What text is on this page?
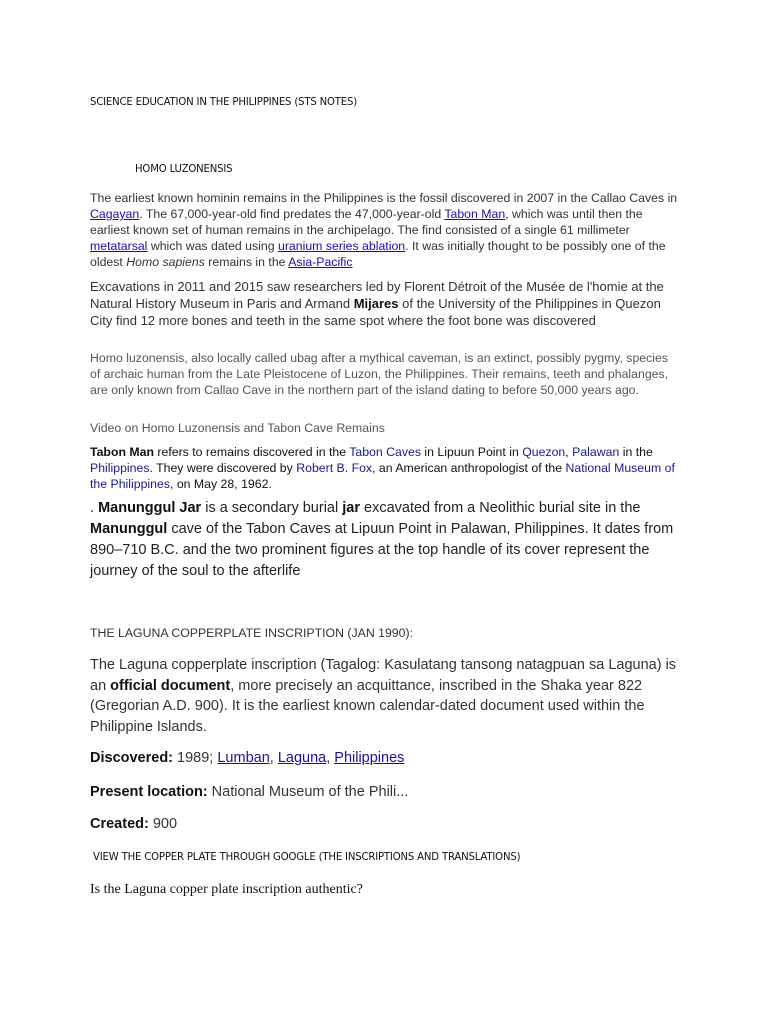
SCIENCE EDUCATION IN THE PHILIPPINES (STS NOTES)
HOMO LUZONENSIS

The earliest known hominin remains in the Philippines is the fossil discovered in 2007 in the Callao Caves in Cagayan. The 67,000-year-old find predates the 47,000-year-old Tabon Man, which was until then the earliest known set of human remains in the archipelago. The find consisted of a single 61 millimeter metatarsal which was dated using uranium series ablation. It was initially thought to be possibly one of the oldest Homo sapiens remains in the Asia-Pacific

Excavations in 2011 and 2015 saw researchers led by Florent Détroit of the Musée de l'homie at the Natural History Museum in Paris and Armand Mijares of the University of the Philippines in Quezon City find 12 more bones and teeth in the same spot where the foot bone was discovered

Homo luzonensis, also locally called ubag after a mythical caveman, is an extinct, possibly pygmy, species of archaic human from the Late Pleistocene of Luzon, the Philippines. Their remains, teeth and phalanges, are only known from Callao Cave in the northern part of the island dating to before 50,000 years ago.

Video on Homo Luzonensis and Tabon Cave Remains

Tabon Man refers to remains discovered in the Tabon Caves in Lipuun Point in Quezon, Palawan in the Philippines. They were discovered by Robert B. Fox, an American anthropologist of the National Museum of the Philippines, on May 28, 1962.

. Manunggul Jar is a secondary burial jar excavated from a Neolithic burial site in the Manunggul cave of the Tabon Caves at Lipuun Point in Palawan, Philippines. It dates from 890–710 B.C. and the two prominent figures at the top handle of its cover represent the journey of the soul to the afterlife

THE LAGUNA COPPERPLATE INSCRIPTION (JAN 1990):

The Laguna copperplate inscription (Tagalog: Kasulatang tansong natagpuan sa Laguna) is an official document, more precisely an acquittance, inscribed in the Shaka year 822 (Gregorian A.D. 900). It is the earliest known calendar-dated document used within the Philippine Islands.

Discovered: 1989; Lumban, Laguna, Philippines

Present location: National Museum of the Phili...

Created: 900

VIEW THE COPPER PLATE THROUGH GOOGLE (THE INSCRIPTIONS AND TRANSLATIONS)

Is the Laguna copper plate inscription authentic?
